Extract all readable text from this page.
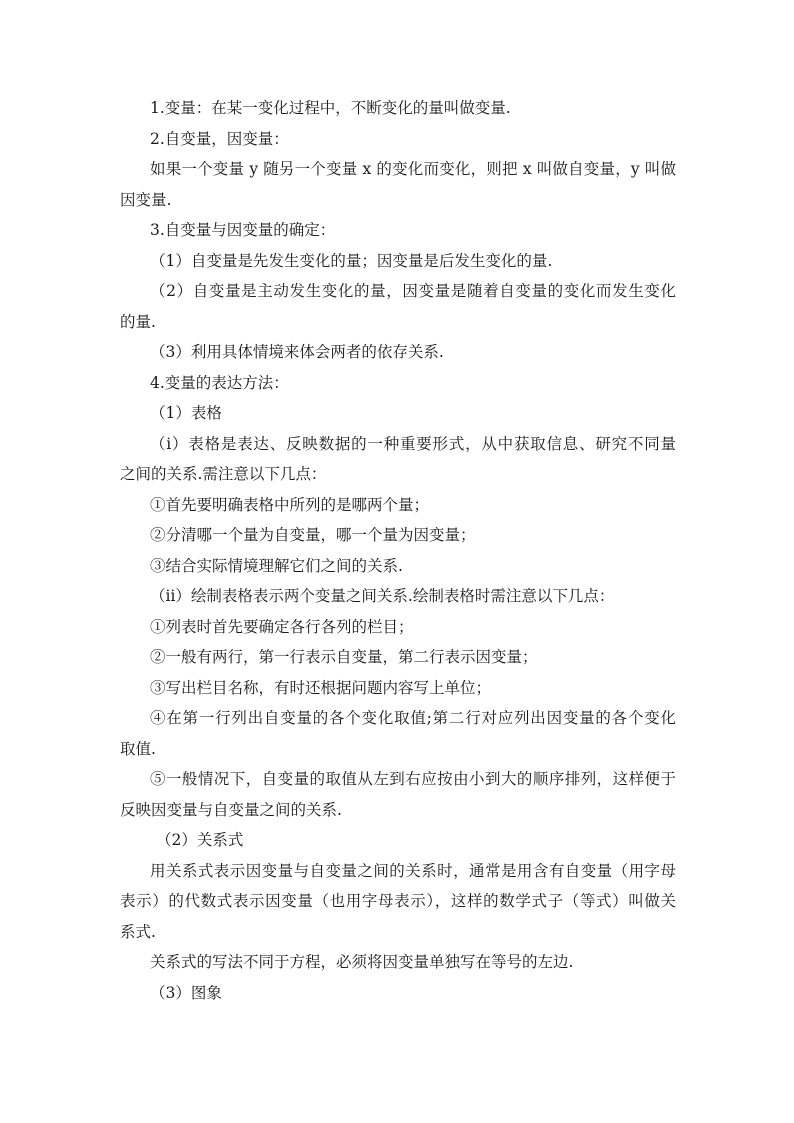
1.变量：在某一变化过程中，不断变化的量叫做变量.
2.自变量，因变量：
如果一个变量 y 随另一个变量 x 的变化而变化，则把 x 叫做自变量，y 叫做
因变量.
3.自变量与因变量的确定：
（1）自变量是先发生变化的量；因变量是后发生变化的量.
（2）自变量是主动发生变化的量，因变量是随着自变量的变化而发生变化
的量.
（3）利用具体情境来体会两者的依存关系.
4.变量的表达方法：
（1）表格
（ⅰ）表格是表达、反映数据的一种重要形式，从中获取信息、研究不同量
之间的关系.需注意以下几点：
①首先要明确表格中所列的是哪两个量；
②分清哪一个量为自变量，哪一个量为因变量；
③结合实际情境理解它们之间的关系.
（ⅱ）绘制表格表示两个变量之间关系.绘制表格时需注意以下几点：
①列表时首先要确定各行各列的栏目；
②一般有两行，第一行表示自变量，第二行表示因变量；
③写出栏目名称，有时还根据问题内容写上单位；
④在第一行列出自变量的各个变化取值;第二行对应列出因变量的各个变化
取值.
⑤一般情况下，自变量的取值从左到右应按由小到大的顺序排列，这样便于
反映因变量与自变量之间的关系.
（2）关系式
用关系式表示因变量与自变量之间的关系时，通常是用含有自变量（用字母
表示）的代数式表示因变量（也用字母表示），这样的数学式子（等式）叫做关
系式.
关系式的写法不同于方程，必须将因变量单独写在等号的左边.
（3）图象
